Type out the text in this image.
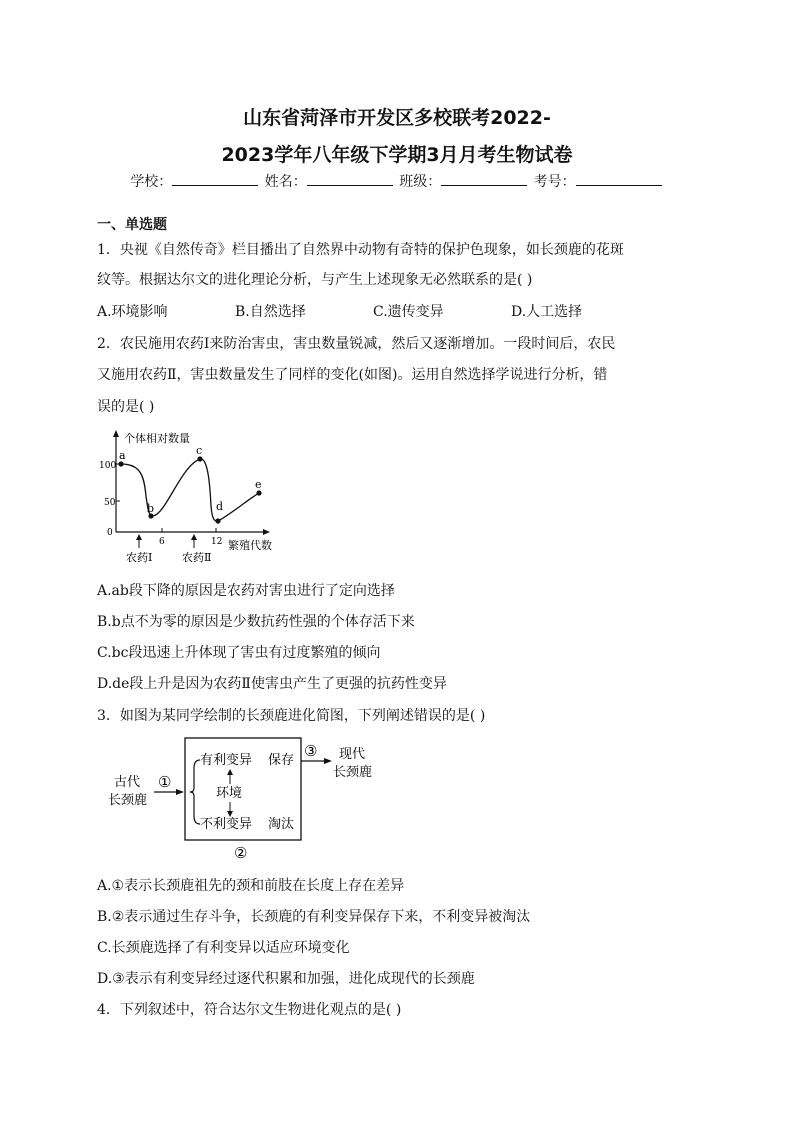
山东省菏泽市开发区多校联考2022-
2023学年八年级下学期3月月考生物试卷
学校：	姓名：	班级：	考号：
一、单选题
1．央视《自然传奇》栏目播出了自然界中动物有奇特的保护色现象，如长颈鹿的花斑
纹等。根据达尔文的进化理论分析，与产生上述现象无必然联系的是( )
A.环境影响	B.自然选择	C.遗传变异	D.人工选择
2．农民施用农药Ⅰ来防治害虫，害虫数量锐减，然后又逐渐增加。一段时间后，农民
又施用农药Ⅱ，害虫数量发生了同样的变化(如图)。运用自然选择学说进行分析，错
误的是( )
个体相对数量
100
50
0
6	12 繁殖代数
a
b
c
d
e
农药Ⅰ	农药Ⅱ
A.ab段下降的原因是农药对害虫进行了定向选择
B.b点不为零的原因是少数抗药性强的个体存活下来
C.bc段迅速上升体现了害虫有过度繁殖的倾向
D.de段上升是因为农药Ⅱ使害虫产生了更强的抗药性变异
3．如图为某同学绘制的长颈鹿进化简图，下列阐述错误的是( )
古代
长颈鹿
①
有利变异 保存
环境
不利变异 淘汰
②
③ 现代
长颈鹿
A.①表示长颈鹿祖先的颈和前肢在长度上存在差异
B.②表示通过生存斗争，长颈鹿的有利变异保存下来，不利变异被淘汰
C.长颈鹿选择了有利变异以适应环境变化
D.③表示有利变异经过逐代积累和加强，进化成现代的长颈鹿
4．下列叙述中，符合达尔文生物进化观点的是( )
